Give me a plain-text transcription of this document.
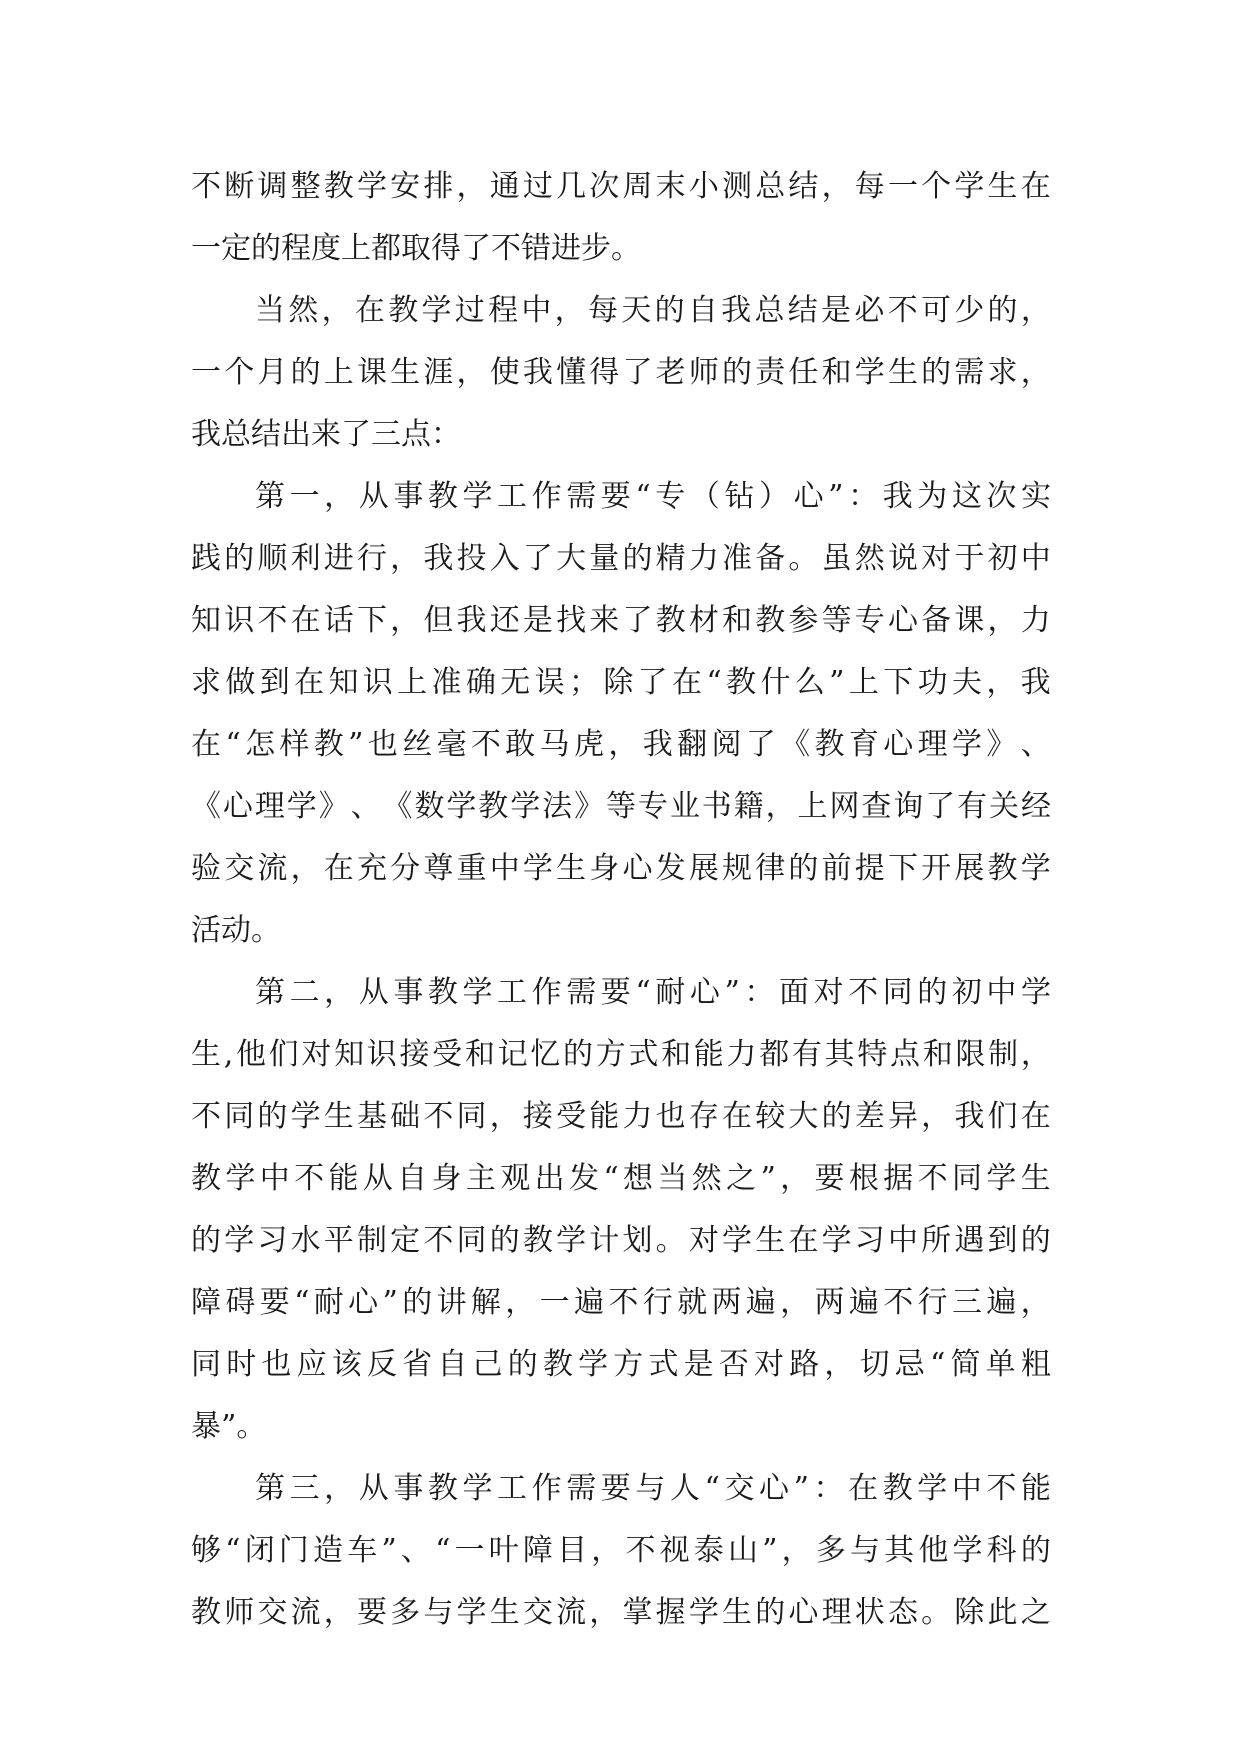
不 断 调 整 教 学 安 排 ， 通 过 几 次 周 末 小 测 总 结 ， 每 一 个 学 生 在
一定的程度上都取得了不错进步。
当 然 ， 在 教 学 过 程 中 ， 每 天 的 自 我 总 结 是 必 不 可 少 的 ，
一 个 月 的 上 课 生 涯 ， 使 我 懂 得 了 老 师 的 责 任 和 学 生 的 需 求 ，
我总结出来了三点：
第 一 ， 从 事 教 学 工 作 需 要 “ 专 （ 钻 ） 心 ” ： 我 为 这 次 实
践 的 顺 利 进 行 ， 我 投 入 了 大 量 的 精 力 准 备 。 虽 然 说 对 于 初 中
知 识 不 在 话 下 ， 但 我 还 是 找 来 了 教 材 和 教 参 等 专 心 备 课 ， 力
求 做 到 在 知 识 上 准 确 无 误 ； 除 了 在 “ 教 什 么 ” 上 下 功 夫 ， 我
在 “ 怎 样 教 ” 也 丝 毫 不 敢 马 虎 ， 我 翻 阅 了 《 教 育 心 理 学 》 、
《 心 理 学 》 、 《 数 学 教 学 法 》 等 专 业 书 籍 ， 上 网 查 询 了 有 关 经
验 交 流 ， 在 充 分 尊 重 中 学 生 身 心 发 展 规 律 的 前 提 下 开 展 教 学
活动。
第 二 ， 从 事 教 学 工 作 需 要 “ 耐 心 ” ： 面 对 不 同 的 初 中 学
生 , 他 们 对 知 识 接 受 和 记 忆 的 方 式 和 能 力 都 有 其 特 点 和 限 制 ，
不 同 的 学 生 基 础 不 同 ， 接 受 能 力 也 存 在 较 大 的 差 异 ， 我 们 在
教 学 中 不 能 从 自 身 主 观 出 发 “ 想 当 然 之 ” ， 要 根 据 不 同 学 生
的 学 习 水 平 制 定 不 同 的 教 学 计 划 。 对 学 生 在 学 习 中 所 遇 到 的
障 碍 要 “ 耐 心 ” 的 讲 解 ， 一 遍 不 行 就 两 遍 ， 两 遍 不 行 三 遍 ，
同 时 也 应 该 反 省 自 己 的 教 学 方 式 是 否 对 路 ， 切 忌 “ 简 单 粗
暴”。
第 三 ， 从 事 教 学 工 作 需 要 与 人 “ 交 心 ” ： 在 教 学 中 不 能
够 “ 闭 门 造 车 ” 、 “ 一 叶 障 目 ， 不 视 泰 山 ” ， 多 与 其 他 学 科 的
教 师 交 流 ， 要 多 与 学 生 交 流 ， 掌 握 学 生 的 心 理 状 态 。 除 此 之
